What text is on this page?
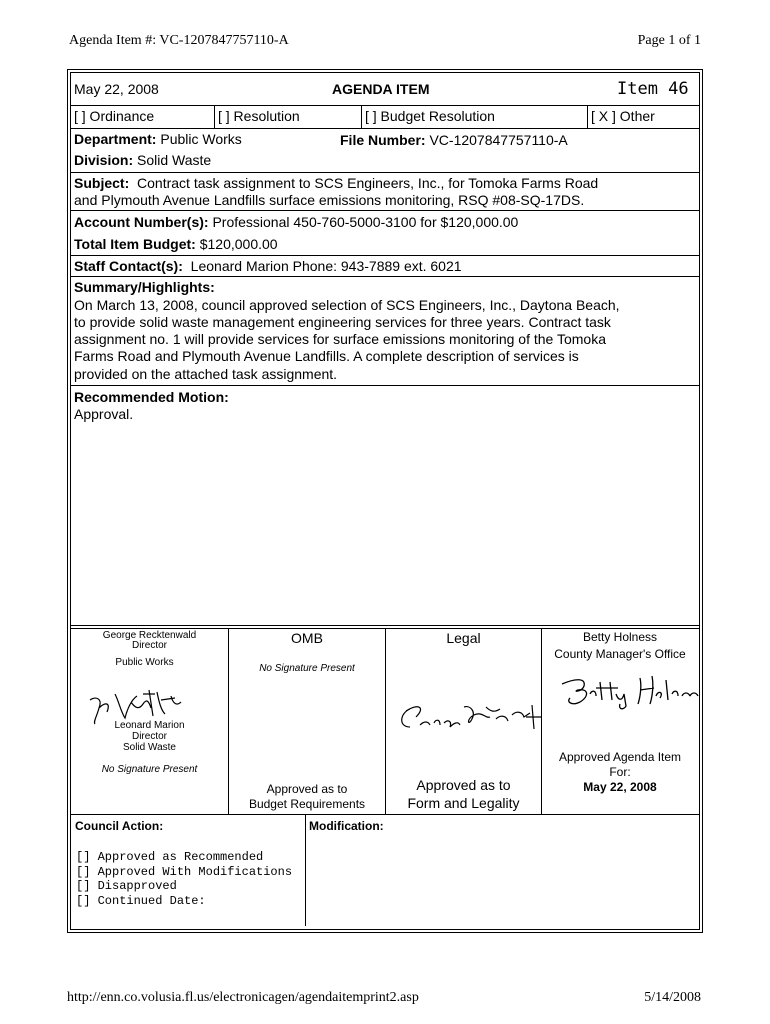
Agenda Item #: VC-1207847757110-A	Page 1 of 1
May 22, 2008	AGENDA ITEM	Item 46
[ ] Ordinance	[ ] Resolution	[ ] Budget Resolution	[ X ] Other
Department: Public Works	File Number: VC-1207847757110-A
Division: Solid Waste
Subject:  Contract task assignment to SCS Engineers, Inc., for Tomoka Farms Road
and Plymouth Avenue Landfills surface emissions monitoring, RSQ #08-SQ-17DS.
Account Number(s): Professional 450-760-5000-3100 for $120,000.00
Total Item Budget: $120,000.00
Staff Contact(s):  Leonard Marion Phone: 943-7889 ext. 6021
Summary/Highlights:
On March 13, 2008, council approved selection of SCS Engineers, Inc., Daytona Beach,
to provide solid waste management engineering services for three years. Contract task
assignment no. 1 will provide services for surface emissions monitoring of the Tomoka
Farms Road and Plymouth Avenue Landfills. A complete description of services is
provided on the attached task assignment.
Recommended Motion:
Approval.
George Recktenwald
Director
Public Works
Leonard Marion
Director
Solid Waste
No Signature Present
OMB
No Signature Present
Approved as to
Budget Requirements
Legal
Approved as to
Form and Legality
Betty Holness
County Manager's Office
Approved Agenda Item
For:
May 22, 2008
Council Action:	Modification:
[] Approved as Recommended
[] Approved With Modifications
[] Disapproved
[] Continued Date:
http://enn.co.volusia.fl.us/electronicagen/agendaitemprint2.asp	5/14/2008
